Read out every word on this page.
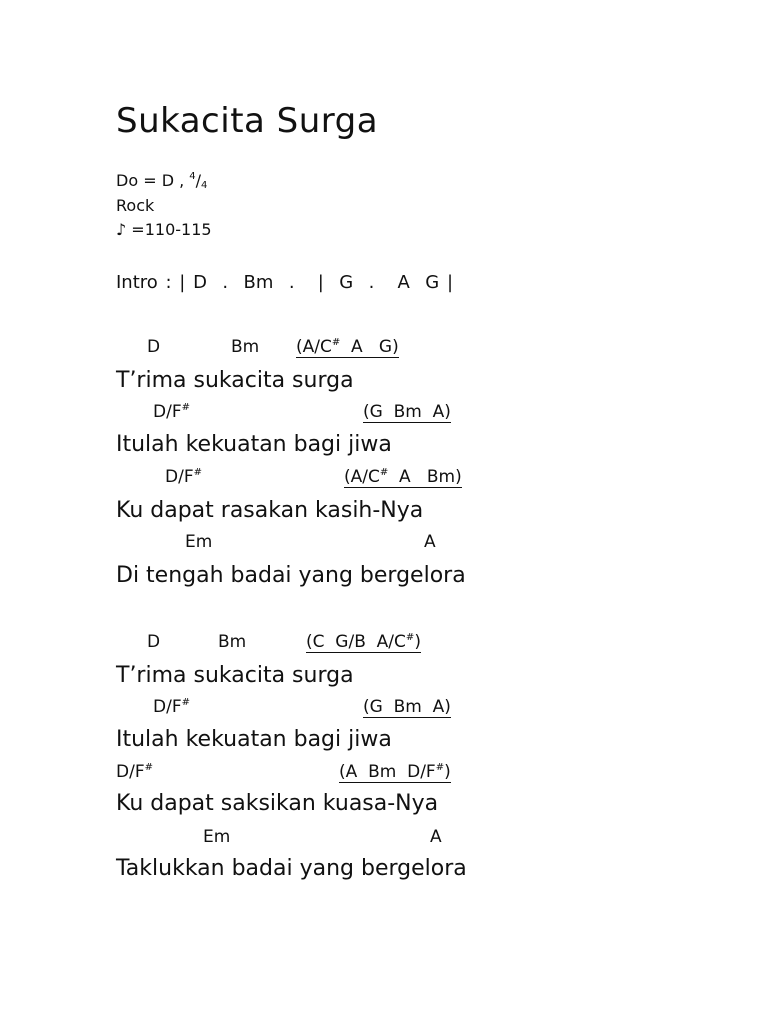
Sukacita Surga
Do = D , $^4/_4$
Rock
♪ =110-115
Intro : | D  .  Bm  .   |  G  .   A  G |
D	Bm (A/C#  A   G)
T’rima sukacita surga
D/F#	(G  Bm  A)
Itulah kekuatan bagi jiwa
D/F#	(A/C#  A   Bm)
Ku dapat rasakan kasih-Nya
Em	A
Di tengah badai yang bergelora
D	Bm	(C  G/B  A/C#)
T’rima sukacita surga
D/F#	(G  Bm  A)
Itulah kekuatan bagi jiwa
D/F#	(A  Bm  D/F#)
Ku dapat saksikan kuasa-Nya
Em	A
Taklukkan badai yang bergelora
